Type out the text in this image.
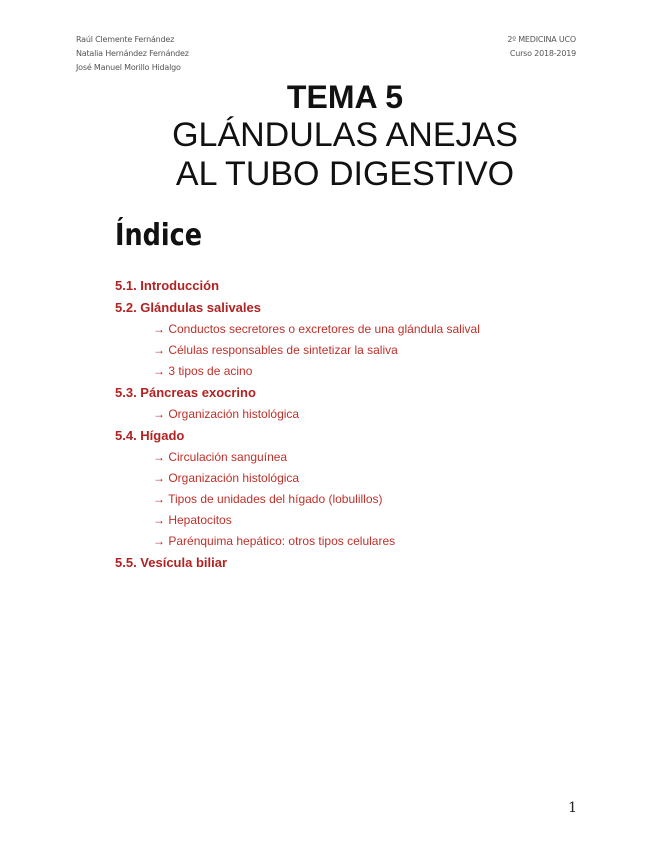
Raúl Clemente Fernández
Natalia Hernández Fernández
José Manuel Morillo Hidalgo
2º MEDICINA UCO
Curso 2018-2019
TEMA 5
GLÁNDULAS ANEJAS
AL TUBO DIGESTIVO
Índice
5.1. Introducción
5.2. Glándulas salivales
→ Conductos secretores o excretores de una glándula salival
→ Células responsables de sintetizar la saliva
→ 3 tipos de acino
5.3. Páncreas exocrino
→ Organización histológica
5.4. Hígado
→ Circulación sanguínea
→ Organización histológica
→ Tipos de unidades del hígado (lobulillos)
→ Hepatocitos
→ Parénquima hepático: otros tipos celulares
5.5. Vesícula biliar
1
